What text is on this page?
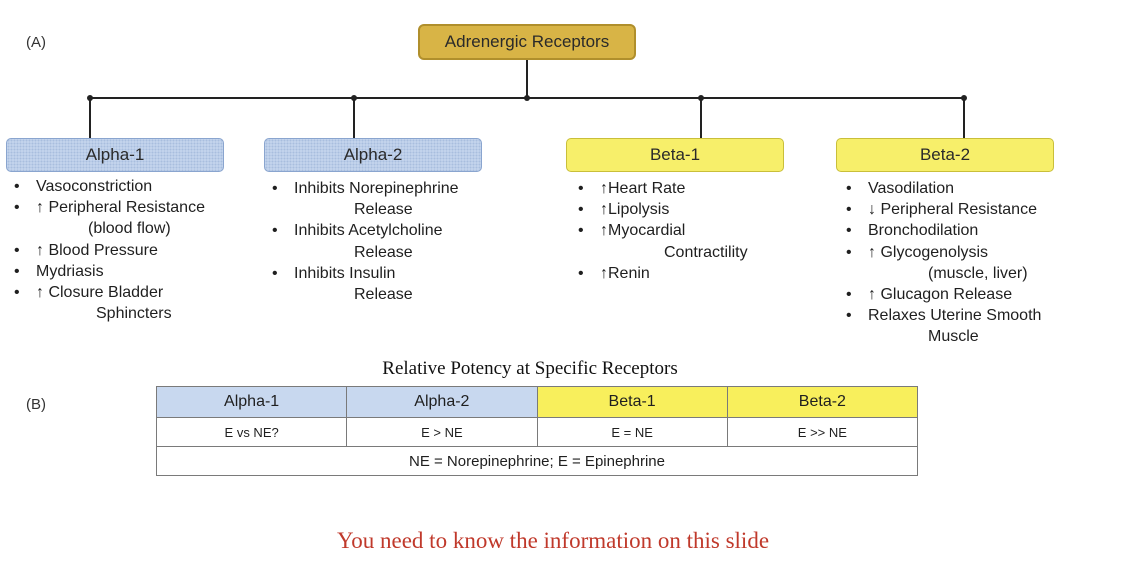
(A)	Adrenergic Receptors
Alpha-1	Alpha-2	Beta-1	Beta-2
• Vasoconstriction
• ↑ Peripheral Resistance
(blood flow)
• ↑ Blood Pressure
• Mydriasis
• ↑ Closure Bladder
Sphincters
• Inhibits Norepinephrine
Release
• Inhibits Acetylcholine
Release
• Inhibits Insulin
Release
• ↑Heart Rate
• ↑Lipolysis
• ↑Myocardial
Contractility
• ↑Renin
• Vasodilation
• ↓ Peripheral Resistance
• Bronchodilation
• ↑ Glycogenolysis
(muscle, liver)
• ↑ Glucagon Release
• Relaxes Uterine Smooth
Muscle
Relative Potency at Specific Receptors
(B)	Alpha-1	Alpha-2	Beta-1	Beta-2
E vs NE?	E > NE	E = NE	E >> NE
NE = Norepinephrine; E = Epinephrine			
You need to know the information on this slide
